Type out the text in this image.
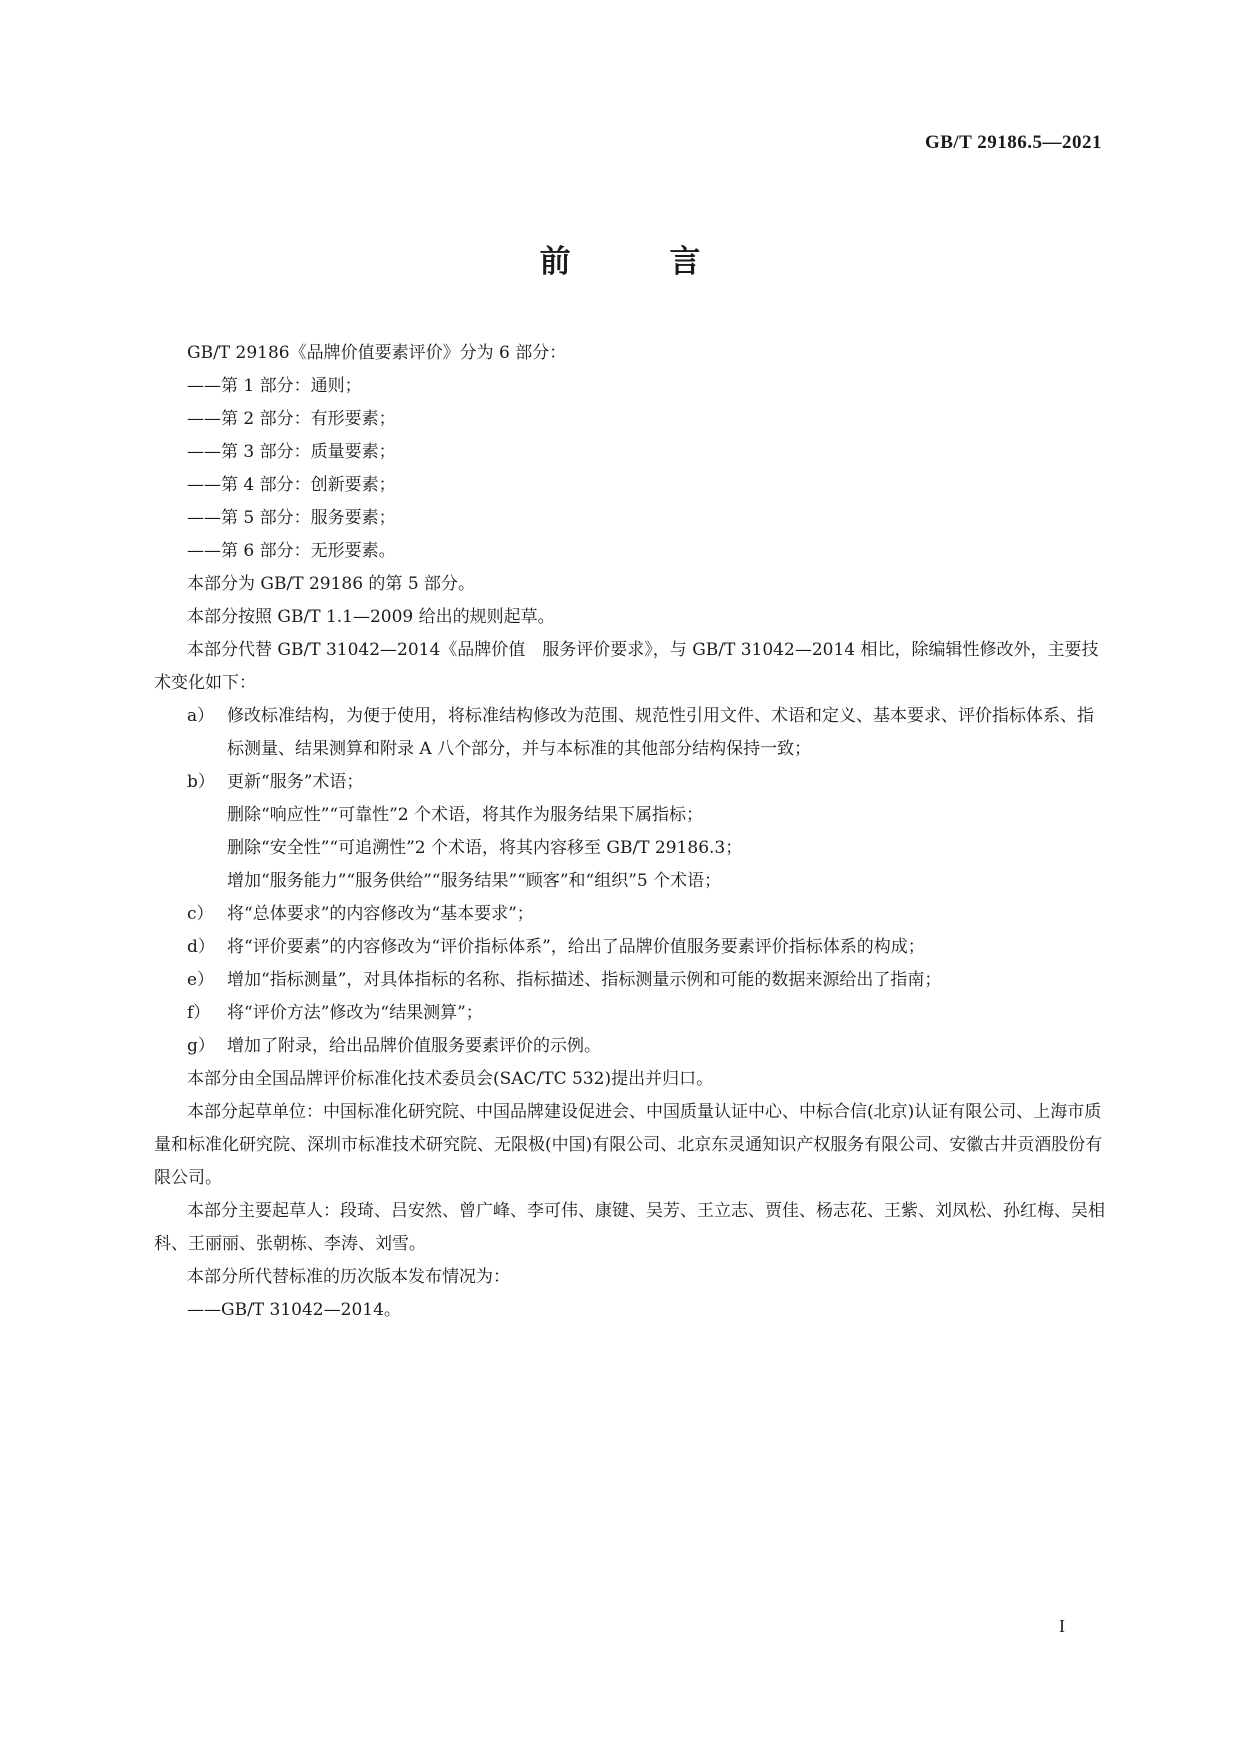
GB/T 29186.5—2021
前 言

GB/T 29186《品牌价值要素评价》分为 6 部分：

——第 1 部分：通则；

——第 2 部分：有形要素；

——第 3 部分：质量要素；

——第 4 部分：创新要素；

——第 5 部分：服务要素；

——第 6 部分：无形要素。

本部分为 GB/T 29186 的第 5 部分。

本部分按照 GB/T 1.1—2009 给出的规则起草。

本部分代替 GB/T 31042—2014《品牌价值　服务评价要求》，与 GB/T 31042—2014 相比，除编辑性修改外，主要技术变化如下：

a） 修改标准结构，为便于使用，将标准结构修改为范围、规范性引用文件、术语和定义、基本要求、评价指标体系、指标测量、结果测算和附录 A 八个部分，并与本标准的其他部分结构保持一致；
b） 更新“服务”术语；

删除“响应性”“可靠性”2 个术语，将其作为服务结果下属指标；

删除“安全性”“可追溯性”2 个术语，将其内容移至 GB/T 29186.3；

增加“服务能力”“服务供给”“服务结果”“顾客”和“组织”5 个术语；

c） 将“总体要求”的内容修改为“基本要求”；
d） 将“评价要素”的内容修改为“评价指标体系”，给出了品牌价值服务要素评价指标体系的构成；
e） 增加“指标测量”，对具体指标的名称、指标描述、指标测量示例和可能的数据来源给出了指南；
f） 将“评价方法”修改为“结果测算”；
g） 增加了附录，给出品牌价值服务要素评价的示例。

本部分由全国品牌评价标准化技术委员会(SAC/TC 532)提出并归口。

本部分起草单位：中国标准化研究院、中国品牌建设促进会、中国质量认证中心、中标合信(北京)认证有限公司、上海市质量和标准化研究院、深圳市标准技术研究院、无限极(中国)有限公司、北京东灵通知识产权服务有限公司、安徽古井贡酒股份有限公司。

本部分主要起草人：段琦、吕安然、曾广峰、李可伟、康键、吴芳、王立志、贾佳、杨志花、王紫、刘凤松、孙红梅、吴相科、王丽丽、张朝栋、李涛、刘雪。

本部分所代替标准的历次版本发布情况为：

——GB/T 31042—2014。

I
